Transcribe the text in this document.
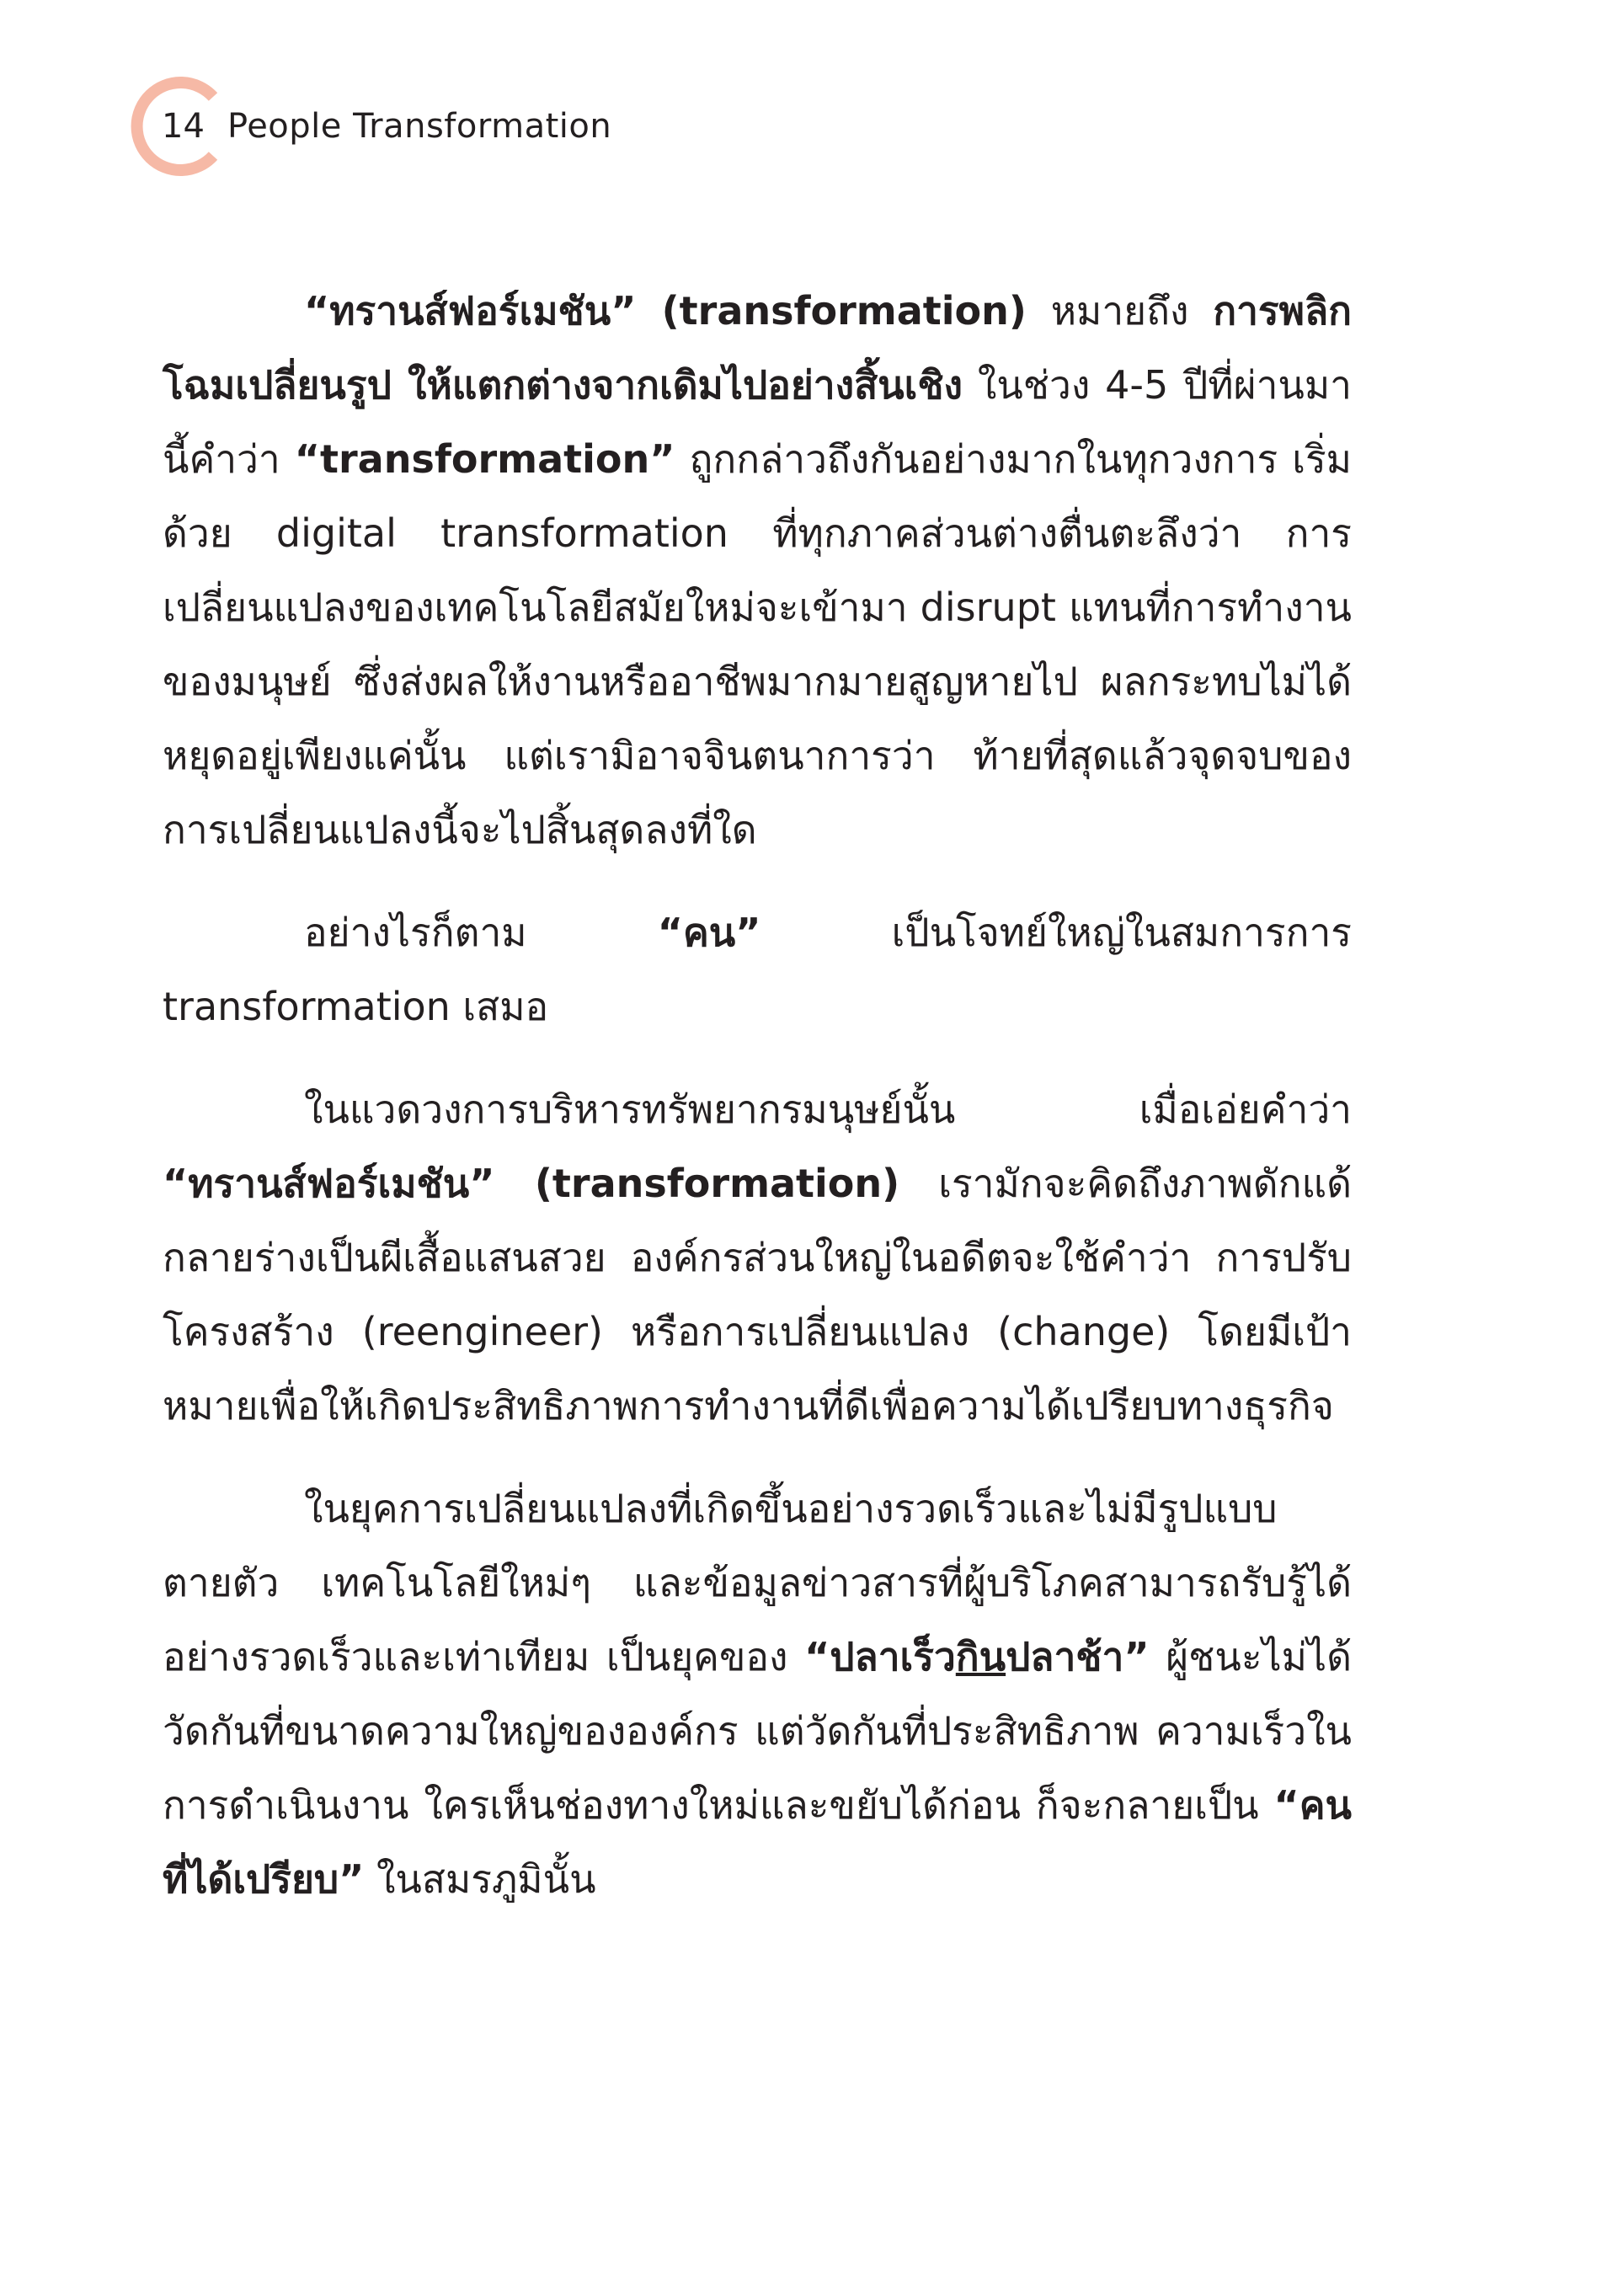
14 People Transformation

“ทรานส์ฟอร์เมชัน” (transformation) หมายถึง การพลิกโฉมเปลี่ยนรูป ให้แตกต่างจากเดิมไปอย่างสิ้นเชิง ในช่วง 4-5 ปีที่ผ่านมานี้คำว่า “transformation” ถูกกล่าวถึงกันอย่างมากในทุกวงการ เริ่มด้วย digital transformation ที่ทุกภาคส่วนต่างตื่นตะลึงว่า การเปลี่ยนแปลงของเทคโนโลยีสมัยใหม่จะเข้ามา disrupt แทนที่การทำงานของมนุษย์ ซึ่งส่งผลให้งานหรืออาชีพมากมายสูญหายไป ผลกระทบไม่ได้หยุดอยู่เพียงแค่นั้น แต่เรามิอาจจินตนาการว่า ท้ายที่สุดแล้วจุดจบของการเปลี่ยนแปลงนี้จะไปสิ้นสุดลงที่ใด

อย่างไรก็ตาม “คน” เป็นโจทย์ใหญ่ในสมการการ transformation เสมอ

ในแวดวงการบริหารทรัพยากรมนุษย์นั้น เมื่อเอ่ยคำว่า “ทรานส์ฟอร์เมชัน” (transformation) เรามักจะคิดถึงภาพดักแด้กลายร่างเป็นผีเสื้อแสนสวย องค์กรส่วนใหญ่ในอดีตจะใช้คำว่า การปรับโครงสร้าง (reengineer) หรือการเปลี่ยนแปลง (change) โดยมีเป้าหมายเพื่อให้เกิดประสิทธิภาพการทำงานที่ดีเพื่อความได้เปรียบทางธุรกิจ

ในยุคการเปลี่ยนแปลงที่เกิดขึ้นอย่างรวดเร็วและไม่มีรูปแบบตายตัว เทคโนโลยีใหม่ๆ และข้อมูลข่าวสารที่ผู้บริโภคสามารถรับรู้ได้อย่างรวดเร็วและเท่าเทียม เป็นยุคของ “ปลาเร็วกินปลาช้า” ผู้ชนะไม่ได้วัดกันที่ขนาดความใหญ่ขององค์กร แต่วัดกันที่ประสิทธิภาพ ความเร็วในการดำเนินงาน ใครเห็นช่องทางใหม่และขยับได้ก่อน ก็จะกลายเป็น “คนที่ได้เปรียบ” ในสมรภูมินั้น
